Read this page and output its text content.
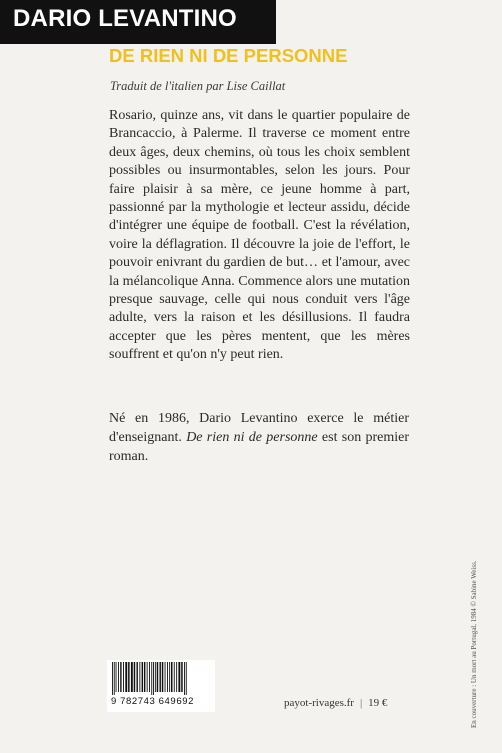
DARIO LEVANTINO
DE RIEN NI DE PERSONNE
Traduit de l'italien par Lise Caillat

Rosario, quinze ans, vit dans le quartier populaire de Brancaccio, à Palerme. Il traverse ce moment entre deux âges, deux chemins, où tous les choix semblent possibles ou insurmontables, selon les jours. Pour faire plaisir à sa mère, ce jeune homme à part, passionné par la mythologie et lecteur assidu, décide d'intégrer une équipe de football. C'est la révélation, voire la déflagration. Il découvre la joie de l'effort, le pouvoir enivrant du gardien de but… et l'amour, avec la mélancolique Anna. Commence alors une mutation presque sauvage, celle qui nous conduit vers l'âge adulte, vers la raison et les désillusions. Il faudra accepter que les pères mentent, que les mères souffrent et qu'on n'y peut rien.

Né en 1986, Dario Levantino exerce le métier d'enseignant. De rien ni de personne est son premier roman.

En couverture : Un mort au Portugal, 1984 © Sabine Weiss.
9 782743 649692	payot-rivages.fr | 19 €
